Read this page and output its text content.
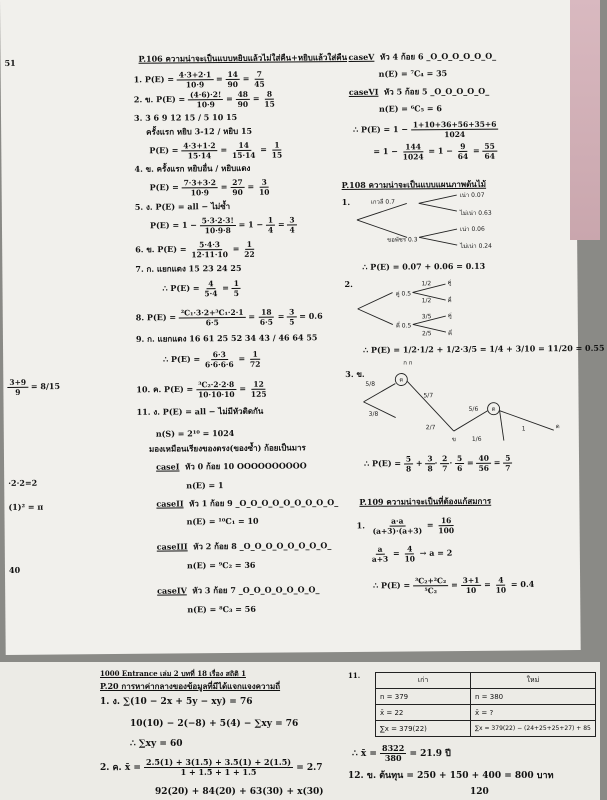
51
$\frac{3+9}{9} = 8/15$
·2·2=2
(1)² = π
40
P.106 ความน่าจะเป็นแบบหยิบแล้วไม่ใส่คืน+หยิบแล้วใส่คืน
1. $P(E) = \frac{4\cdot 3+2\cdot 1}{10\cdot 9} = \frac{14}{90} = \frac{7}{45}$
2. ข. $P(E) = \frac{(4\cdot 6)\cdot 2!}{10\cdot 9} = \frac{48}{90} = \frac{8}{15}$
3. 3 6 9 12 15 / 5 10 15
ครั้งแรก หยิบ 3-12 / หยิบ 15
$P(E) = \frac{4\cdot 3+1\cdot 2}{15\cdot 14} = \frac{14}{15\cdot 14} = \frac{1}{15}$
4. ข. ครั้งแรก หยิบอื่น / หยิบแดง
$P(E) = \frac{7\cdot 3+3\cdot 2}{10\cdot 9} = \frac{27}{90} = \frac{3}{10}$
5. ง. P(E) = all − ไม่ซ้ำ
$P(E) = 1 - \frac{5\cdot 3\cdot 2\cdot 3!}{10\cdot 9\cdot 8} = 1 - \frac{1}{4} = \frac{3}{4}$
6. ข. $P(E) = \frac{5\cdot 4\cdot 3}{12\cdot 11\cdot 10} = \frac{1}{22}$
7. ก. แยกแดง 15 23 24 25
∴ $P(E) = \frac{4}{5\cdot 4} = \frac{1}{5}$
8. $P(E) = \frac{\text{²C₁·3·2+³C₁·2·1}}{6\cdot 5} = \frac{18}{6\cdot 5} = \frac{3}{5} = 0.6$
9. ก. แยกแดง 16 61 25 52 34 43 / 46 64 55
∴ $P(E) = \frac{6\cdot 3}{6\cdot 6\cdot 6\cdot 6} = \frac{1}{72}$
10. ค. $P(E) = \frac{\text{³C₂·2·2·8}}{10\cdot 10\cdot 10} = \frac{12}{125}$
11. ง. P(E) = all − ไม่มีหัวติดกัน
n(S) = 2¹⁰ = 1024
มองเหมือนเรียงของตรง(ของซ้ำ) ก้อยเป็นมาร
caseI หัว 0 ก้อย 10 OOOOOOOOOO
n(E) = 1
caseII หัว 1 ก้อย 9 _O_O_O_O_O_O_O_O_O_
n(E) = ¹⁰C₁ = 10
caseIII หัว 2 ก้อย 8 _O_O_O_O_O_O_O_O_
n(E) = ⁹C₂ = 36
caseIV หัว 3 ก้อย 7 _O_O_O_O_O_O_O_
n(E) = ⁸C₃ = 56
caseV หัว 4 ก้อย 6 _O_O_O_O_O_O_
n(E) = ⁷C₄ = 35
caseVI หัว 5 ก้อย 5 _O_O_O_O_O_
n(E) = ⁶C₅ = 6
∴ $P(E) = 1 - \frac{1+10+36+56+35+6}{1024}$
= $1 - \frac{144}{1024} = 1 - \frac{9}{64} = \frac{55}{64}$
P.108 ความน่าจะเป็นแบบแผนภาพต้นไม้
1.	เกวลี 0.7
ขอพัชร 0.3
เน่า 0.07
ไม่เน่า 0.63
เน่า 0.06
ไม่เน่า 0.24
∴ P(E) = 0.07 + 0.06 = 0.13
2.
คู่ 0.5
คี่ 0.5
1/2
1/2
3/5
2/5
คู่
คี่
คู่
คี่
∴ P(E) = 1/2·1/2 + 1/2·3/5 = 1/4 + 3/10 = 11/20 = 0.55
ก ก
3. ข.
5/8
3/8
ด
ด
5/7
2/7
5/6
1/6
1	ด
ข
∴ $P(E) = \frac{5}{8} + \frac{3}{8} \cdot \frac{2}{7} \cdot \frac{5}{6} = \frac{40}{56} = \frac{5}{7}$
P.109 ความน่าจะเป็นที่ต้องแก้สมการ
1. $\frac{a\cdot a}{(a+3)\cdot(a+3)} = \frac{16}{100}$
$\frac{a}{a+3} = \frac{4}{10} \to a = 2$
∴ $P(E) = \frac{\text{³C₂+²C₂}}{\text{⁵C₂}} = \frac{3+1}{10} = \frac{4}{10} = 0.4$
1000 Entrance เล่ม 2 บทที่ 18 เรื่อง สถิติ 1
P.20 การหาค่ากลางของข้อมูลที่มีได้แจกแจงความถี่
1. ง. ∑(10 − 2x + 5y − xy) = 76
10(10) − 2(−8) + 5(4) − ∑xy = 76
∴ ∑xy = 60
2. ค. x̄ = $\frac{2.5(1) + 3(1.5) + 3.5(1) + 2(1.5)}{1 + 1.5 + 1 + 1.5} = 2.7$
92(20) + 84(20) + 63(30) + x(30)
11.
∴ x̄ = $\frac{8322}{380} = 21.9$ ปี
12. ข. ต้นทุน = 250 + 150 + 400 = 800 บาท
120
เก่า	ใหม่
n = 379	n = 380
x̄ = 22	x̄ = ?
∑x = 379(22)	∑x = 379(22) − (24+25+25+27) + 85
